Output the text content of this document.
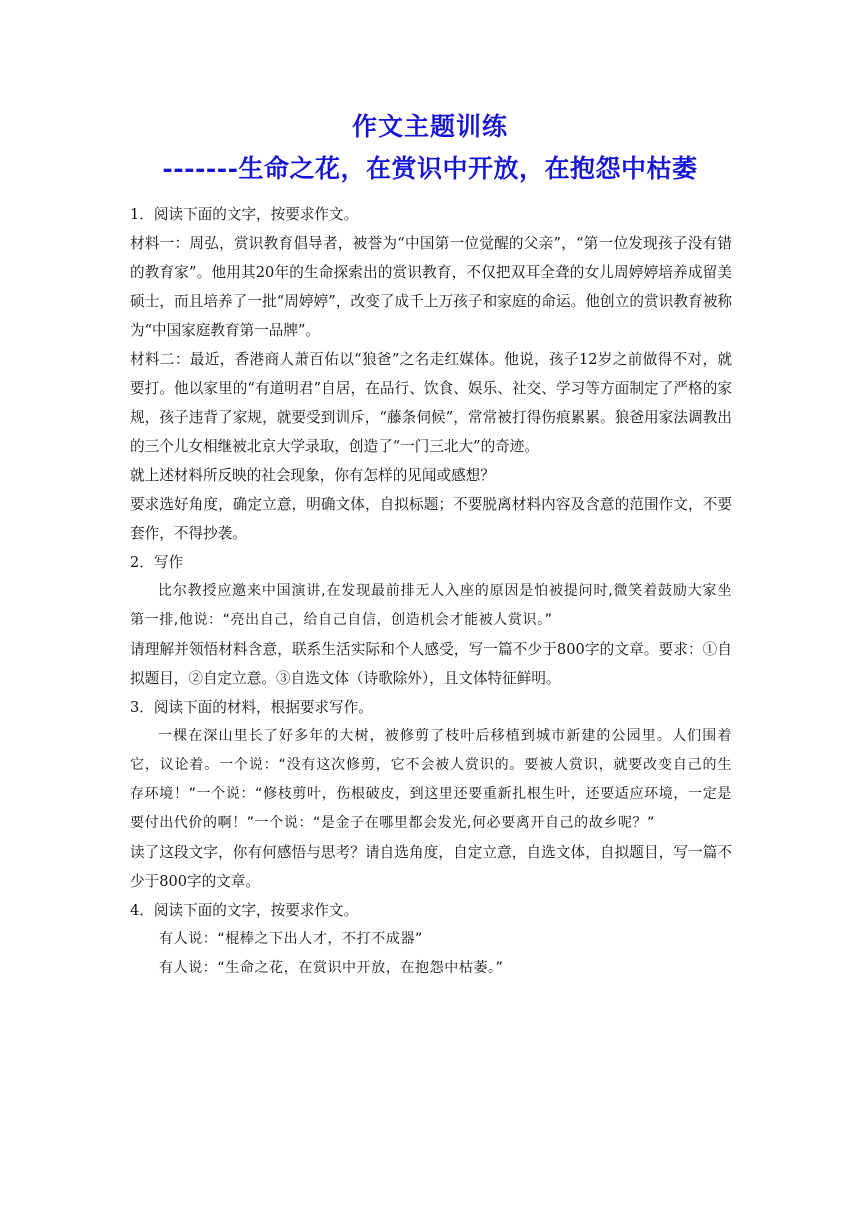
作文主题训练
-------生命之花，在赏识中开放，在抱怨中枯萎

1．阅读下面的文字，按要求作文。

材料一：周弘，赏识教育倡导者，被誉为“中国第一位觉醒的父亲”，“第一位发现孩子没有错的教育家”。他用其20年的生命探索出的赏识教育，不仅把双耳全聋的女儿周婷婷培养成留美硕士，而且培养了一批“周婷婷”，改变了成千上万孩子和家庭的命运。他创立的赏识教育被称为“中国家庭教育第一品牌”。

材料二：最近，香港商人萧百佑以“狼爸”之名走红媒体。他说，孩子12岁之前做得不对，就要打。他以家里的“有道明君”自居，在品行、饮食、娱乐、社交、学习等方面制定了严格的家规，孩子违背了家规，就要受到训斥，“藤条伺候”，常常被打得伤痕累累。狼爸用家法调教出的三个儿女相继被北京大学录取，创造了“一门三北大”的奇迹。

就上述材料所反映的社会现象，你有怎样的见闻或感想？

要求选好角度，确定立意，明确文体，自拟标题；不要脱离材料内容及含意的范围作文，不要套作，不得抄袭。

2．写作

比尔教授应邀来中国演讲,在发现最前排无人入座的原因是怕被提问时,微笑着鼓励大家坐第一排,他说：“亮出自己，给自己自信，创造机会才能被人赏识。”

请理解并领悟材料含意，联系生活实际和个人感受，写一篇不少于800字的文章。要求：①自拟题目，②自定立意。③自选文体（诗歌除外），且文体特征鲜明。

3．阅读下面的材料，根据要求写作。

一棵在深山里长了好多年的大树，被修剪了枝叶后移植到城市新建的公园里。人们围着它，议论着。一个说：“没有这次修剪，它不会被人赏识的。要被人赏识，就要改变自己的生存环境！”一个说：“修枝剪叶，伤根破皮，到这里还要重新扎根生叶，还要适应环境，一定是要付出代价的啊！”一个说：“是金子在哪里都会发光,何必要离开自己的故乡呢？”

读了这段文字，你有何感悟与思考？请自选角度，自定立意，自选文体，自拟题目，写一篇不少于800字的文章。

4．阅读下面的文字，按要求作文。

有人说：“棍棒之下出人才，不打不成器”

有人说：“生命之花，在赏识中开放，在抱怨中枯萎。”
